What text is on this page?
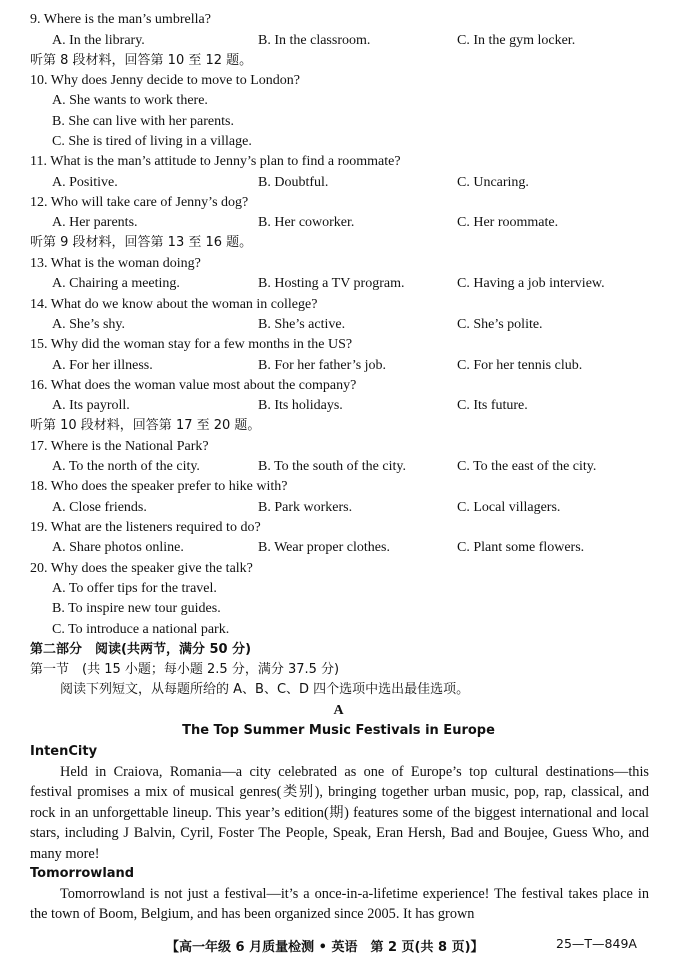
9. Where is the man’s umbrella?
A. In the library.	B. In the classroom.	C. In the gym locker.
听第 8 段材料，回答第 10 至 12 题。
10. Why does Jenny decide to move to London?
A. She wants to work there.
B. She can live with her parents.
C. She is tired of living in a village.
11. What is the man’s attitude to Jenny’s plan to find a roommate?
A. Positive.	B. Doubtful.	C. Uncaring.
12. Who will take care of Jenny’s dog?
A. Her parents.	B. Her coworker.	C. Her roommate.
听第 9 段材料，回答第 13 至 16 题。
13. What is the woman doing?
A. Chairing a meeting.	B. Hosting a TV program.	C. Having a job interview.
14. What do we know about the woman in college?
A. She’s shy.	B. She’s active.	C. She’s polite.
15. Why did the woman stay for a few months in the US?
A. For her illness.	B. For her father’s job.	C. For her tennis club.
16. What does the woman value most about the company?
A. Its payroll.	B. Its holidays.	C. Its future.
听第 10 段材料，回答第 17 至 20 题。
17. Where is the National Park?
A. To the north of the city.	B. To the south of the city.	C. To the east of the city.
18. Who does the speaker prefer to hike with?
A. Close friends.	B. Park workers.	C. Local villagers.
19. What are the listeners required to do?
A. Share photos online.	B. Wear proper clothes.	C. Plant some flowers.
20. Why does the speaker give the talk?
A. To offer tips for the travel.
B. To inspire new tour guides.
C. To introduce a national park.
第二部分　阅读(共两节，满分 50 分)
第一节　(共 15 小题；每小题 2.5 分，满分 37.5 分)
阅读下列短文，从每题所给的 A、B、C、D 四个选项中选出最佳选项。
A
The Top Summer Music Festivals in Europe
IntenCity
Held in Craiova, Romania—a city celebrated as one of Europe’s top cultural destinations—this festival promises a mix of musical genres(类别), bringing together urban music, pop, rap, classical, and rock in an unforgettable lineup. This year’s edition(期) features some of the biggest international and local stars, including J Balvin, Cyril, Foster The People, Speak, Eran Hersh, Bad and Boujee, Guess Who, and many more!
Tomorrowland
Tomorrowland is not just a festival—it’s a once-in-a-lifetime experience! The festival takes place in the town of Boom, Belgium, and has been organized since 2005. It has grown
【高一年级 6 月质量检测 • 英语　第 2 页(共 8 页)】	25—T—849A
